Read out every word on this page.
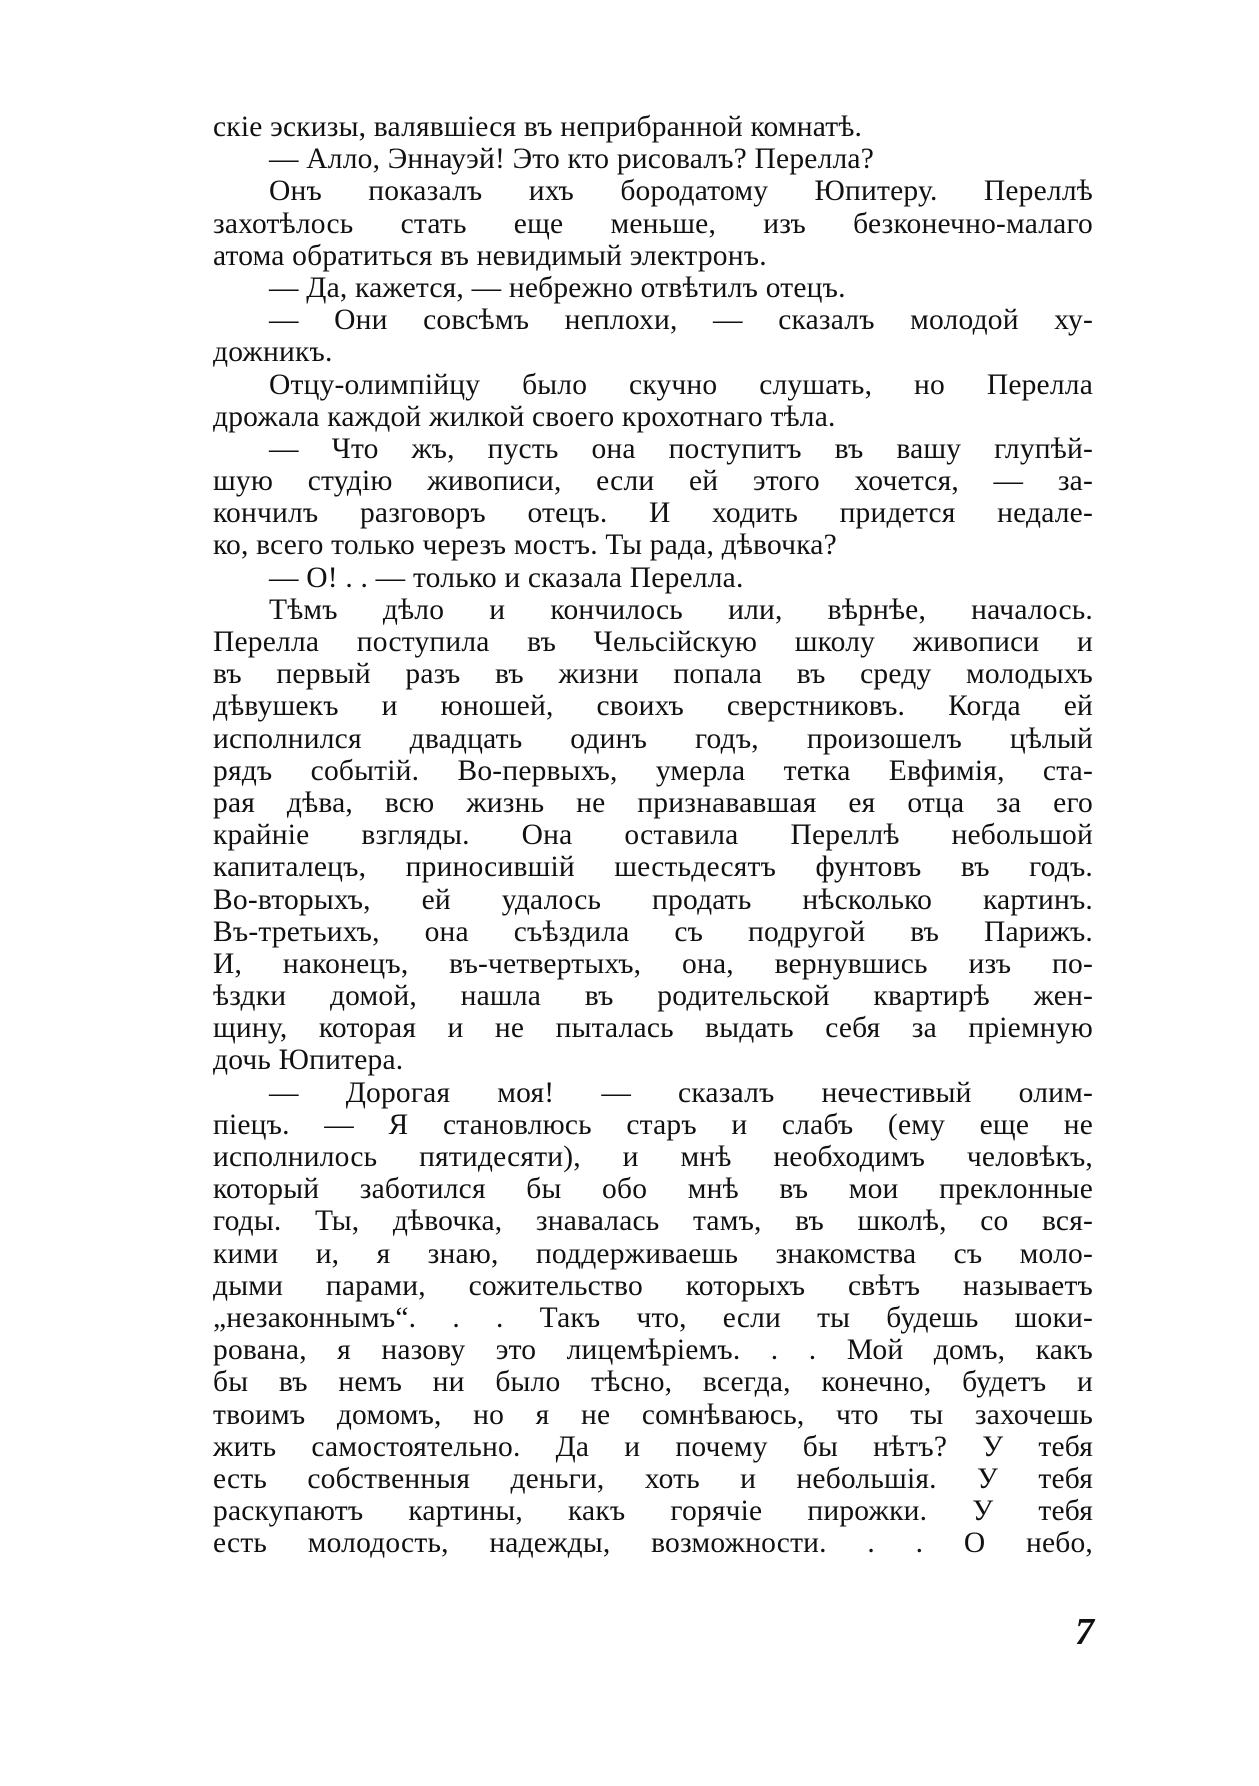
скiе эскизы, валявшiеся въ неприбранной комнатѣ.
— Алло, Эннауэй! Это кто рисовалъ? Перелла?
Онъ показалъ ихъ бородатому Юпитеру. Переллѣ
захотѣлось стать еще меньше, изъ безконечно-малаго
атома обратиться въ невидимый электронъ.
— Да, кажется, — небрежно отвѣтилъ отецъ.
— Они совсѣмъ неплохи, — сказалъ молодой ху-
дожникъ.
Отцу-олимпiйцу было скучно слушать, но Перелла
дрожала каждой жилкой своего крохотнаго тѣла.
— Что жъ, пусть она поступитъ въ вашу глупѣй-
шую студiю живописи, если ей этого хочется, — за-
кончилъ разговоръ отецъ. И ходить придется недале-
ко, всего только черезъ мостъ. Ты рада, дѣвочка?
— О! . . — только и сказала Перелла.
Тѣмъ дѣло и кончилось или, вѣрнѣе, началось.
Перелла поступила въ Чельсiйскую школу живописи и
въ первый разъ въ жизни попала въ среду молодыхъ
дѣвушекъ и юношей, своихъ сверстниковъ. Когда ей
исполнился двадцать одинъ годъ, произошелъ цѣлый
рядъ событiй. Во-первыхъ, умерла тетка Евфимiя, ста-
рая дѣва, всю жизнь не признававшая ея отца за его
крайнiе взгляды. Она оставила Переллѣ небольшой
капиталецъ, приносившiй шестьдесятъ фунтовъ въ годъ.
Во-вторыхъ, ей удалось продать нѣсколько картинъ.
Въ-третьихъ, она съѣздила съ подругой въ Парижъ.
И, наконецъ, въ-четвертыхъ, она, вернувшись изъ по-
ѣздки домой, нашла въ родительской квартирѣ жен-
щину, которая и не пыталась выдать себя за прiемную
дочь Юпитера.
— Дорогая моя! — сказалъ нечестивый олим-
пiецъ. — Я становлюсь старъ и слабъ (ему еще не
исполнилось пятидесяти), и мнѣ необходимъ человѣкъ,
который заботился бы обо мнѣ въ мои преклонные
годы. Ты, дѣвочка, знавалась тамъ, въ школѣ, со вся-
кими и, я знаю, поддерживаешь знакомства съ моло-
дыми парами, сожительство которыхъ свѣтъ называетъ
„незаконнымъ“. . . Такъ что, если ты будешь шоки-
рована, я назову это лицемѣрiемъ. . . Мой домъ, какъ
бы въ немъ ни было тѣсно, всегда, конечно, будетъ и
твоимъ домомъ, но я не сомнѣваюсь, что ты захочешь
жить самостоятельно. Да и почему бы нѣтъ? У тебя
есть собственныя деньги, хоть и небольшiя. У тебя
раскупаютъ картины, какъ горячiе пирожки. У тебя
есть молодость, надежды, возможности. . . О небо,
7
